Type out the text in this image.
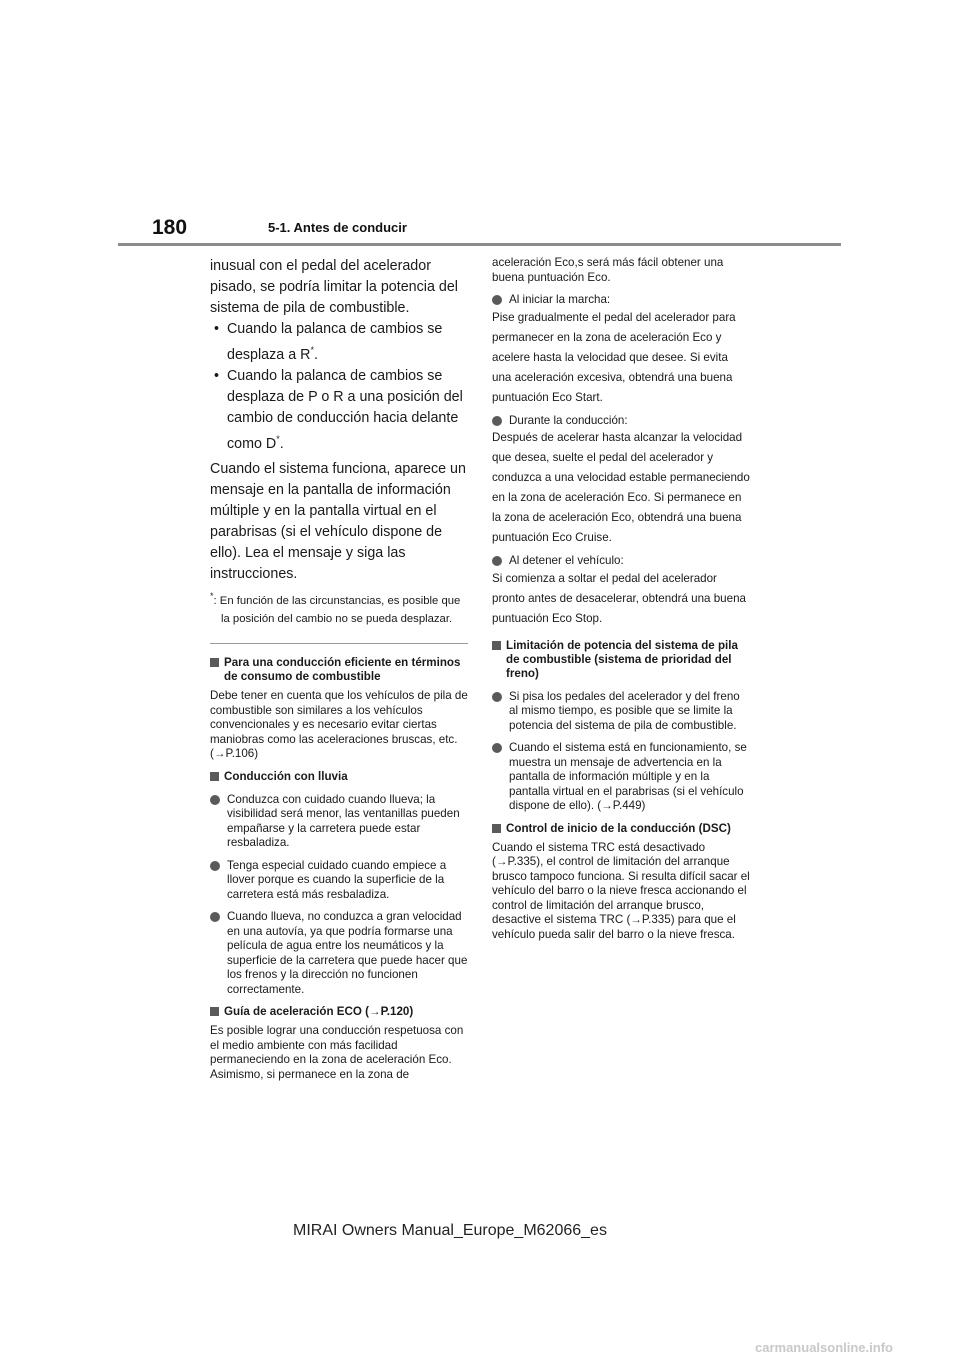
180	5-1. Antes de conducir

inusual con el pedal del acelerador pisado, se podría limitar la potencia del sistema de pila de combustible.

•  Cuando la palanca de cambios se desplaza a R*.

•  Cuando la palanca de cambios se desplaza de P o R a una posición del cambio de conducción hacia delante como D*.

Cuando el sistema funciona, aparece un mensaje en la pantalla de información múltiple y en la pantalla virtual en el parabrisas (si el vehículo dispone de ello). Lea el mensaje y siga las instrucciones.

*: En función de las circunstancias, es posible que la posición del cambio no se pueda desplazar.

Para una conducción eficiente en términos de consumo de combustible

Debe tener en cuenta que los vehículos de pila de combustible son similares a los vehículos convencionales y es necesario evitar ciertas maniobras como las aceleraciones bruscas, etc. (→P.106)

Conducción con lluvia

Conduzca con cuidado cuando llueva; la visibilidad será menor, las ventanillas pueden empañarse y la carretera puede estar resbaladiza.

Tenga especial cuidado cuando empiece a llover porque es cuando la superficie de la carretera está más resbaladiza.

Cuando llueva, no conduzca a gran velocidad en una autovía, ya que podría formarse una película de agua entre los neumáticos y la superficie de la carretera que puede hacer que los frenos y la dirección no funcionen correctamente.

Guía de aceleración ECO (→P.120)

Es posible lograr una conducción respetuosa con el medio ambiente con más facilidad permaneciendo en la zona de aceleración Eco. Asimismo, si permanece en la zona de

aceleración Eco,s será más fácil obtener una buena puntuación Eco.

Al iniciar la marcha:

Pise gradualmente el pedal del acelerador para permanecer en la zona de aceleración Eco y acelere hasta la velocidad que desee. Si evita una aceleración excesiva, obtendrá una buena puntuación Eco Start.

Durante la conducción:

Después de acelerar hasta alcanzar la velocidad que desea, suelte el pedal del acelerador y conduzca a una velocidad estable permaneciendo en la zona de aceleración Eco. Si permanece en la zona de aceleración Eco, obtendrá una buena puntuación Eco Cruise.

Al detener el vehículo:

Si comienza a soltar el pedal del acelerador pronto antes de desacelerar, obtendrá una buena puntuación Eco Stop.

Limitación de potencia del sistema de pila de combustible (sistema de prioridad del freno)

Si pisa los pedales del acelerador y del freno al mismo tiempo, es posible que se limite la potencia del sistema de pila de combustible.

Cuando el sistema está en funcionamiento, se muestra un mensaje de advertencia en la pantalla de información múltiple y en la pantalla virtual en el parabrisas (si el vehículo dispone de ello). (→P.449)

Control de inicio de la conducción (DSC)

Cuando el sistema TRC está desactivado (→P.335), el control de limitación del arranque brusco tampoco funciona. Si resulta difícil sacar el vehículo del barro o la nieve fresca accionando el control de limitación del arranque brusco, desactive el sistema TRC (→P.335) para que el vehículo pueda salir del barro o la nieve fresca.

MIRAI Owners Manual_Europe_M62066_es
carmanualsonline.info
